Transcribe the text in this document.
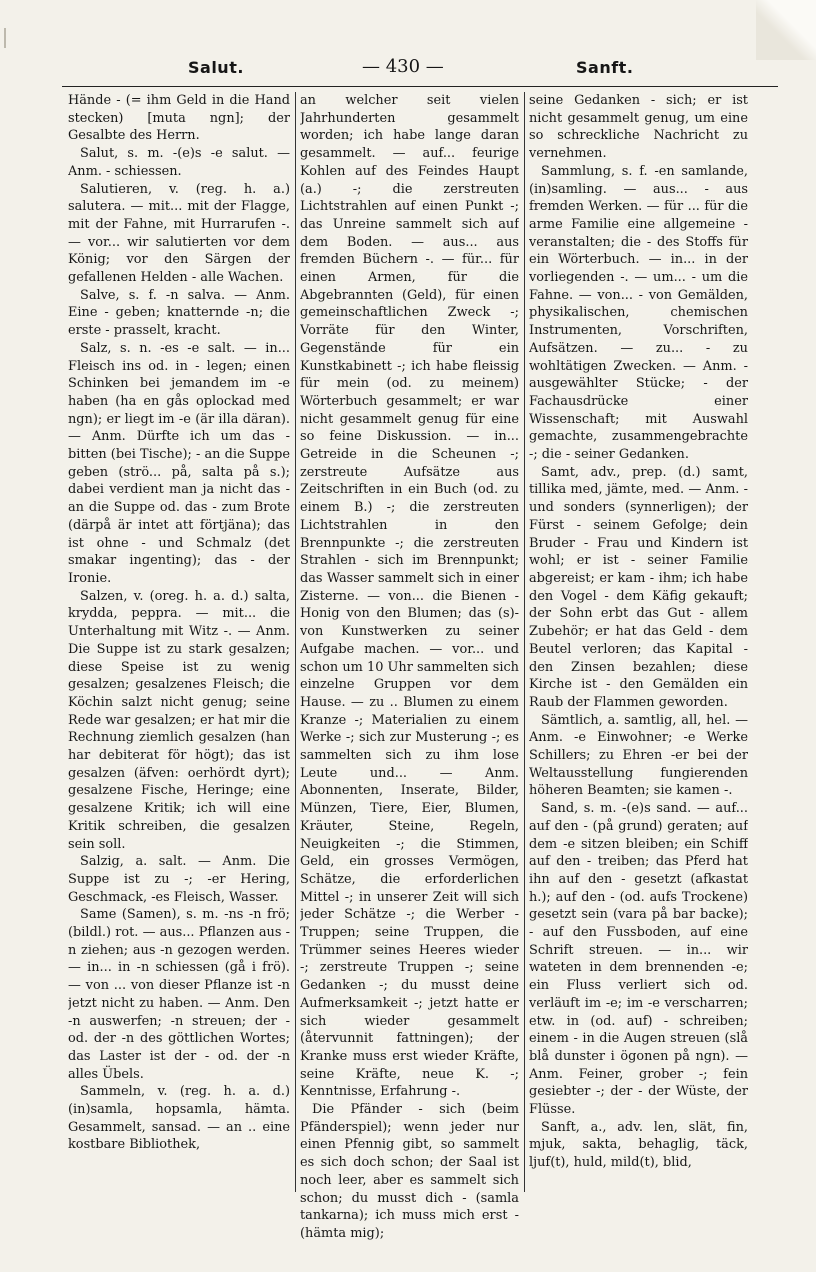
Salut.	— 430 —	Sanft.

Hände - (= ihm Geld in die Hand stecken) [muta ngn]; der Gesalbte des Herrn.

Salut, s. m. -(e)s -e salut. — Anm. - schiessen.

Salutieren, v. (reg. h. a.) salutera. — mit... mit der Flagge, mit der Fahne, mit Hurrarufen -. — vor... wir salutierten vor dem König; vor den Särgen der gefallenen Helden - alle Wachen.

Salve, s. f. -n salva. — Anm. Eine - geben; knatternde -n; die erste - prasselt, kracht.

Salz, s. n. -es -e salt. — in... Fleisch ins od. in - legen; einen Schinken bei jemandem im -e haben (ha en gås oplockad med ngn); er liegt im -e (är illa däran). — Anm. Dürfte ich um das - bitten (bei Tische); - an die Suppe geben (strö... på, salta på s.); dabei verdient man ja nicht das - an die Suppe od. das - zum Brote (därpå är intet att förtjäna); das ist ohne - und Schmalz (det smakar ingenting); das - der Ironie.

Salzen, v. (oreg. h. a. d.) salta, krydda, peppra. — mit... die Unterhaltung mit Witz -. — Anm. Die Suppe ist zu stark gesalzen; diese Speise ist zu wenig gesalzen; gesalzenes Fleisch; die Köchin salzt nicht genug; seine Rede war gesalzen; er hat mir die Rechnung ziemlich gesalzen (han har debiterat för högt); das ist gesalzen (äfven: oerhördt dyrt); gesalzene Fische, Heringe; eine gesalzene Kritik; ich will eine Kritik schreiben, die gesalzen sein soll.

Salzig, a. salt. — Anm. Die Suppe ist zu -; -er Hering, Geschmack, -es Fleisch, Wasser.

Same (Samen), s. m. -ns -n frö; (bildl.) rot. — aus... Pflanzen aus -n ziehen; aus -n gezogen werden. — in... in -n schiessen (gå i frö). — von ... von dieser Pflanze ist -n jetzt nicht zu haben. — Anm. Den -n auswerfen; -n streuen; der - od. der -n des göttlichen Wortes; das Laster ist der - od. der -n alles Übels.

Sammeln, v. (reg. h. a. d.) (in)samla, hopsamla, hämta. Gesammelt, sansad. — an .. eine kostbare Bibliothek,

an welcher seit vielen Jahrhunderten gesammelt worden; ich habe lange daran gesammelt. — auf... feurige Kohlen auf des Feindes Haupt (a.) -; die zerstreuten Lichtstrahlen auf einen Punkt -; das Unreine sammelt sich auf dem Boden. — aus... aus fremden Büchern -. — für... für einen Armen, für die Abgebrannten (Geld), für einen gemeinschaftlichen Zweck -; Vorräte für den Winter, Gegenstände für ein Kunstkabinett -; ich habe fleissig für mein (od. zu meinem) Wörterbuch gesammelt; er war nicht gesammelt genug für eine so feine Diskussion. — in... Getreide in die Scheunen -; zerstreute Aufsätze aus Zeitschriften in ein Buch (od. zu einem B.) -; die zerstreuten Lichtstrahlen in den Brennpunkte -; die zerstreuten Strahlen - sich im Brennpunkt; das Wasser sammelt sich in einer Zisterne. — von... die Bienen - Honig von den Blumen; das (s)- von Kunstwerken zu seiner Aufgabe machen. — vor... und schon um 10 Uhr sammelten sich einzelne Gruppen vor dem Hause. — zu .. Blumen zu einem Kranze -; Materialien zu einem Werke -; sich zur Musterung -; es sammelten sich zu ihm lose Leute und... — Anm. Abonnenten, Inserate, Bilder, Münzen, Tiere, Eier, Blumen, Kräuter, Steine, Regeln, Neuigkeiten -; die Stimmen, Geld, ein grosses Vermögen, Schätze, die erforderlichen Mittel -; in unserer Zeit will sich jeder Schätze -; die Werber - Truppen; seine Truppen, die Trümmer seines Heeres wieder -; zerstreute Truppen -; seine Gedanken -; du musst deine Aufmerksamkeit -; jetzt hatte er sich wieder gesammelt (återvunnit fattningen); der Kranke muss erst wieder Kräfte, seine Kräfte, neue K. -; Kenntnisse, Erfahrung -.

Die Pfänder - sich (beim Pfänderspiel); wenn jeder nur einen Pfennig gibt, so sammelt es sich doch schon; der Saal ist noch leer, aber es sammelt sich schon; du musst dich - (samla tankarna); ich muss mich erst - (hämta mig);

seine Gedanken - sich; er ist nicht gesammelt genug, um eine so schreckliche Nachricht zu vernehmen.

Sammlung, s. f. -en samlande, (in)samling. — aus... - aus fremden Werken. — für ... für die arme Familie eine allgemeine - veranstalten; die - des Stoffs für ein Wörterbuch. — in... in der vorliegenden -. — um... - um die Fahne. — von... - von Gemälden, physikalischen, chemischen Instrumenten, Vorschriften, Aufsätzen. — zu... - zu wohltätigen Zwecken. — Anm. - ausgewählter Stücke; - der Fachausdrücke einer Wissenschaft; mit Auswahl gemachte, zusammengebrachte -; die - seiner Gedanken.

Samt, adv., prep. (d.) samt, tillika med, jämte, med. — Anm. - und sonders (synnerligen); der Fürst - seinem Gefolge; dein Bruder - Frau und Kindern ist wohl; er ist - seiner Familie abgereist; er kam - ihm; ich habe den Vogel - dem Käfig gekauft; der Sohn erbt das Gut - allem Zubehör; er hat das Geld - dem Beutel verloren; das Kapital - den Zinsen bezahlen; diese Kirche ist - den Gemälden ein Raub der Flammen geworden.

Sämtlich, a. samtlig, all, hel. — Anm. -e Einwohner; -e Werke Schillers; zu Ehren -er bei der Weltausstellung fungierenden höheren Beamten; sie kamen -.

Sand, s. m. -(e)s sand. — auf... auf den - (på grund) geraten; auf dem -e sitzen bleiben; ein Schiff auf den - treiben; das Pferd hat ihn auf den - gesetzt (afkastat h.); auf den - (od. aufs Trockene) gesetzt sein (vara på bar backe); - auf den Fussboden, auf eine Schrift streuen. — in... wir wateten in dem brennenden -e; ein Fluss verliert sich od. verläuft im -e; im -e verscharren; etw. in (od. auf) - schreiben; einem - in die Augen streuen (slå blå dunster i ögonen på ngn). — Anm. Feiner, grober -; fein gesiebter -; der - der Wüste, der Flüsse.

Sanft, a., adv. len, slät, fin, mjuk, sakta, behaglig, täck, ljuf(t), huld, mild(t), blid,
